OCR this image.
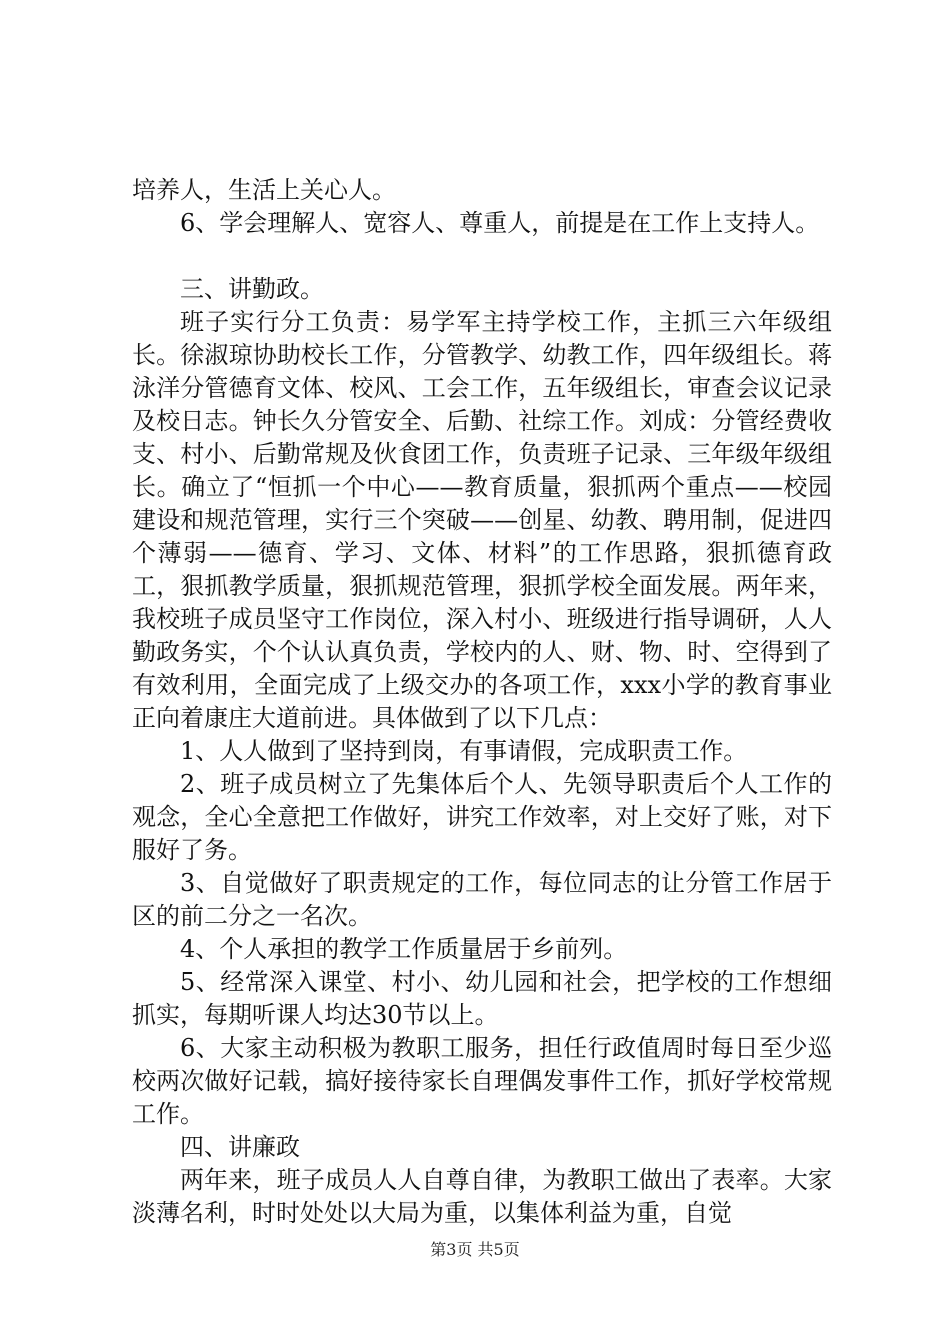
培养人，生活上关心人。

6、学会理解人、宽容人、尊重人，前提是在工作上支持人。

三、讲勤政。

班子实行分工负责：易学军主持学校工作，主抓三六年级组长。徐淑琼协助校长工作，分管教学、幼教工作，四年级组长。蒋泳洋分管德育文体、校风、工会工作，五年级组长，审查会议记录及校日志。钟长久分管安全、后勤、社综工作。刘成：分管经费收支、村小、后勤常规及伙食团工作，负责班子记录、三年级年级组长。确立了“恒抓一个中心——教育质量，狠抓两个重点——校园建设和规范管理，实行三个突破——创星、幼教、聘用制，促进四个薄弱——德育、学习、文体、材料”的工作思路，狠抓德育政工，狠抓教学质量，狠抓规范管理，狠抓学校全面发展。两年来，我校班子成员坚守工作岗位，深入村小、班级进行指导调研，人人勤政务实，个个认认真负责，学校内的人、财、物、时、空得到了有效利用，全面完成了上级交办的各项工作，xxx小学的教育事业正向着康庄大道前进。具体做到了以下几点：

1、人人做到了坚持到岗，有事请假，完成职责工作。

2、班子成员树立了先集体后个人、先领导职责后个人工作的观念，全心全意把工作做好，讲究工作效率，对上交好了账，对下服好了务。

3、自觉做好了职责规定的工作，每位同志的让分管工作居于区的前二分之一名次。

4、个人承担的教学工作质量居于乡前列。

5、经常深入课堂、村小、幼儿园和社会，把学校的工作想细抓实，每期听课人均达30节以上。

6、大家主动积极为教职工服务，担任行政值周时每日至少巡校两次做好记载，搞好接待家长自理偶发事件工作，抓好学校常规工作。

四、讲廉政

两年来，班子成员人人自尊自律，为教职工做出了表率。大家淡薄名利，时时处处以大局为重，以集体利益为重，自觉

第3页 共5页
